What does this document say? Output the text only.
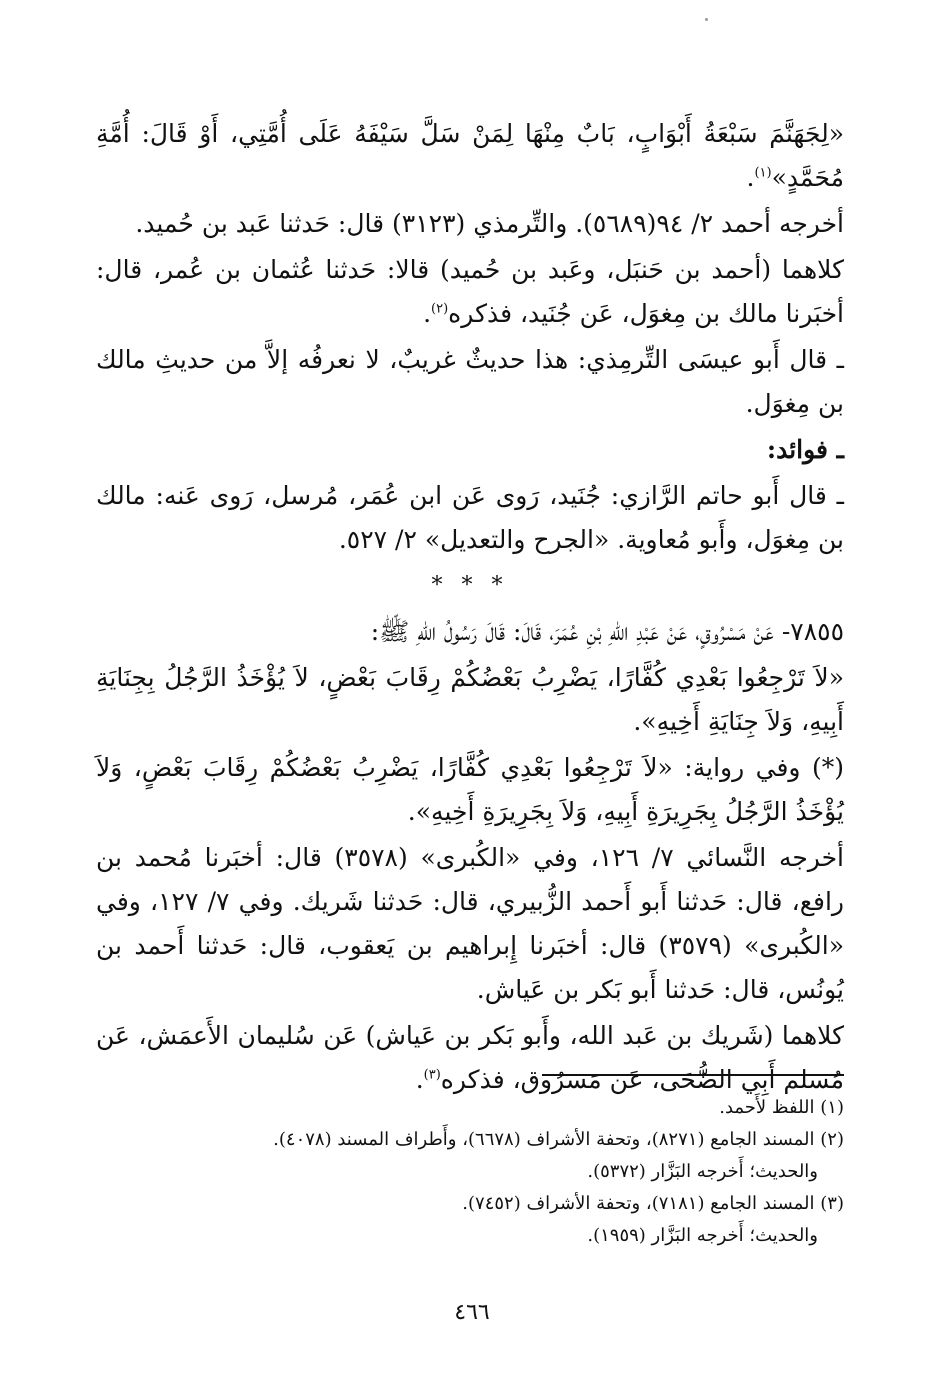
«لِجَهَنَّمَ سَبْعَةُ أَبْوَابٍ، بَابٌ مِنْهَا لِمَنْ سَلَّ سَيْفَهُ عَلَى أُمَّتِي، أَوْ قَالَ: أُمَّةِ مُحَمَّدٍ»$^{(١)}$.

أخرجه أحمد ٢/ ٩٤(٥٦٨٩). والتِّرمذي (٣١٢٣) قال: حَدثنا عَبد بن حُميد.

كلاهما (أحمد بن حَنبَل، وعَبد بن حُميد) قالا: حَدثنا عُثمان بن عُمر، قال: أخبَرنا مالك بن مِغوَل، عَن جُنَيد، فذكره$^{(٢)}$.

ـ قال أَبو عيسَى التِّرمِذي: هذا حديثٌ غريبٌ، لا نعرفُه إلاَّ من حديثِ مالك بن مِغوَل.

ـ فوائد:

ـ قال أَبو حاتم الرَّازي: جُنَيد، رَوى عَن ابن عُمَر، مُرسل، رَوى عَنه: مالك بن مِغوَل، وأَبو مُعاوية. «الجرح والتعديل» ٢/ ٥٢٧.

* * *

٧٨٥٥- عَنْ مَسْرُوقٍ، عَنْ عَبْدِ اللهِ بْنِ عُمَرَ، قَالَ: قَالَ رَسُولُ اللهِ ﷺ:

«لاَ تَرْجِعُوا بَعْدِي كُفَّارًا، يَضْرِبُ بَعْضُكُمْ رِقَابَ بَعْضٍ، لاَ يُؤْخَذُ الرَّجُلُ بِجِنَايَةِ أَبِيهِ، وَلاَ جِنَايَةِ أَخِيهِ».

(*) وفي رواية: «لاَ تَرْجِعُوا بَعْدِي كُفَّارًا، يَضْرِبُ بَعْضُكُمْ رِقَابَ بَعْضٍ، وَلاَ يُؤْخَذُ الرَّجُلُ بِجَرِيرَةِ أَبِيهِ، وَلاَ بِجَرِيرَةِ أَخِيهِ».

أخرجه النَّسائي ٧/ ١٢٦، وفي «الكُبرى» (٣٥٧٨) قال: أخبَرنا مُحمد بن رافع، قال: حَدثنا أَبو أَحمد الزُّبيري، قال: حَدثنا شَريك. وفي ٧/ ١٢٧، وفي «الكُبرى» (٣٥٧٩) قال: أخبَرنا إِبراهيم بن يَعقوب، قال: حَدثنا أَحمد بن يُونُس، قال: حَدثنا أَبو بَكر بن عَياش.

كلاهما (شَريك بن عَبد الله، وأَبو بَكر بن عَياش) عَن سُليمان الأَعمَش، عَن مُسلم أَبِي الضُّحَى، عَن مَسرُوق، فذكره$^{(٣)}$.

(١) اللفظ لأَحمد.

(٢) المسند الجامع (٨٢٧١)، وتحفة الأشراف (٦٦٧٨)، وأَطراف المسند (٤٠٧٨).

والحديث؛ أَخرجه البَزَّار (٥٣٧٢).

(٣) المسند الجامع (٧١٨١)، وتحفة الأشراف (٧٤٥٢).

والحديث؛ أَخرجه البَزَّار (١٩٥٩).

٤٦٦
